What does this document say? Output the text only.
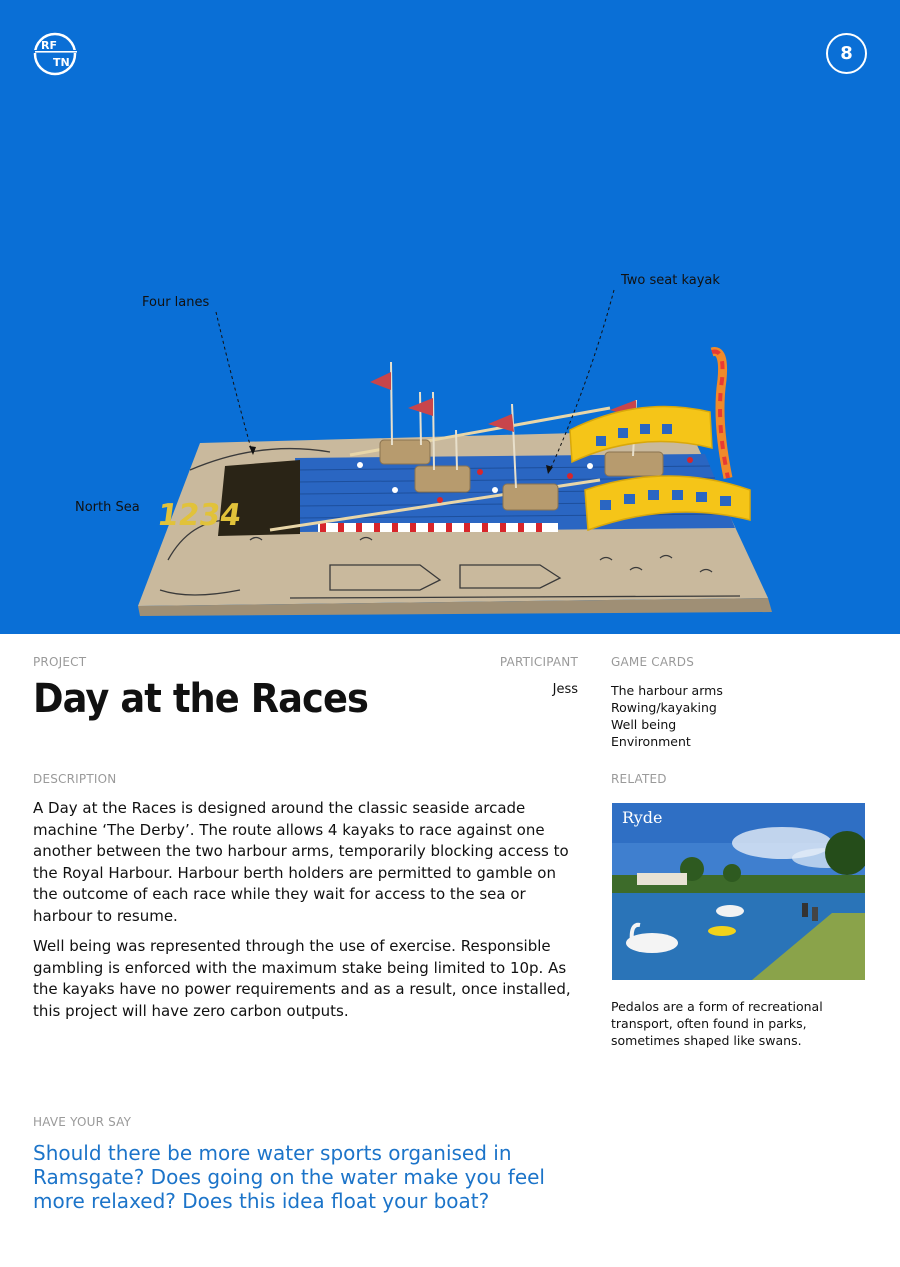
RF
TN	8
1234
Four lanes
Two seat kayak
North Sea
PROJECT
Day at the Races
PARTICIPANT
Jess
GAME CARDS
The harbour arms
Rowing/kayaking
Well being
Environment
DESCRIPTION

A Day at the Races is designed around the classic seaside arcade machine ‘The Derby’. The route allows 4 kayaks to race against one another between the two harbour arms, temporarily blocking access to the Royal Harbour. Harbour berth holders are permitted to gamble on the outcome of each race while they wait for access to the sea or harbour to resume.

Well being was represented through the use of exercise. Responsible gambling is enforced with the maximum stake being limited to 10p. As the kayaks have no power requirements and as a result, once installed, this project will have zero carbon outputs.

RELATED
Ryde
Pedalos are a form of recreational transport, often found in parks, sometimes shaped like swans.
HAVE YOUR SAY
Should there be more water sports organised in Ramsgate? Does going on the water make you feel more relaxed? Does this idea float your boat?
